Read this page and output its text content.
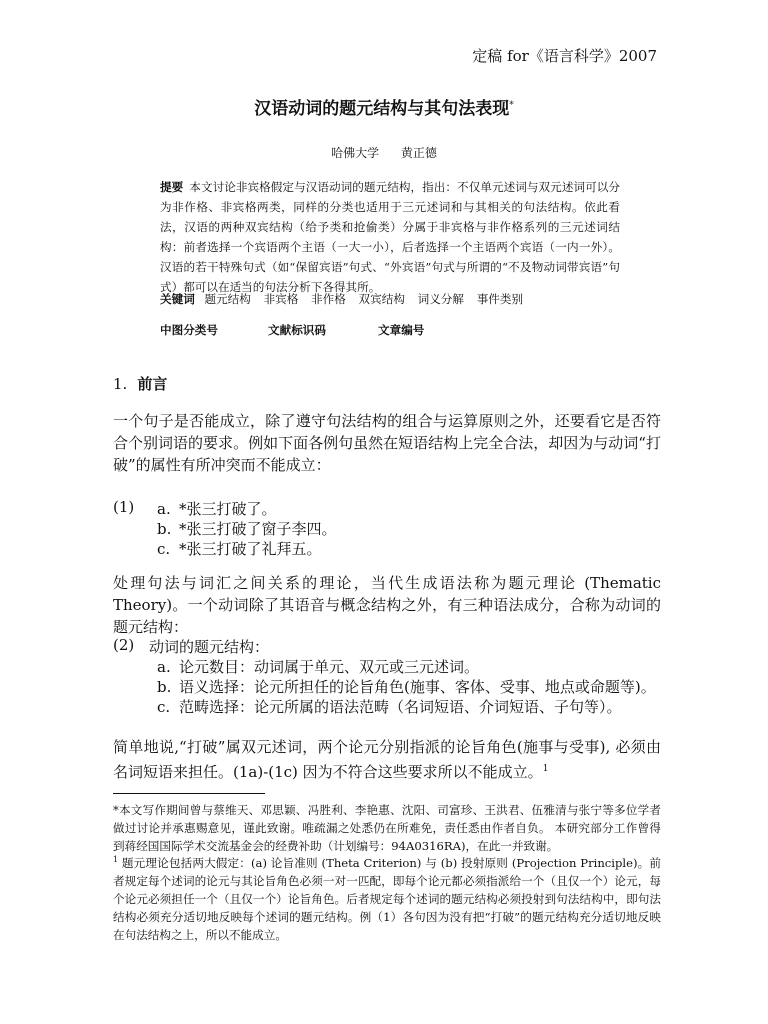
定稿 for《语言科学》2007
汉语动词的题元结构与其句法表现*
哈佛大学 黄正德
提要 本文讨论非宾格假定与汉语动词的题元结构，指出：不仅单元述词与双元述词可以分为非作格、非宾格两类，同样的分类也适用于三元述词和与其相关的句法结构。依此看法，汉语的两种双宾结构（给予类和抢偷类）分属于非宾格与非作格系列的三元述词结构：前者选择一个宾语两个主语（一大一小），后者选择一个主语两个宾语（一内一外）。汉语的若干特殊句式（如“保留宾语”句式、“外宾语”句式与所谓的“不及物动词带宾语”句式）都可以在适当的句法分析下各得其所。
关键词 题元结构 非宾格 非作格 双宾结构 词义分解 事件类别
中图分类号	文献标识码	文章编号
1. 前言
一个句子是否能成立，除了遵守句法结构的组合与运算原则之外，还要看它是否符合个别词语的要求。例如下面各例句虽然在短语结构上完全合法，却因为与动词“打破”的属性有所冲突而不能成立：
(1) a. *张三打破了。
b. *张三打破了窗子李四。
c. *张三打破了礼拜五。
处理句法与词汇之间关系的理论，当代生成语法称为题元理论 (Thematic Theory)。一个动词除了其语音与概念结构之外，有三种语法成分，合称为动词的题元结构：
(2) 动词的题元结构：
a. 论元数目：动词属于单元、双元或三元述词。
b. 语义选择：论元所担任的论旨角色(施事、客体、受事、地点或命题等)。
c. 范畴选择：论元所属的语法范畴（名词短语、介词短语、子句等）。
简单地说,“打破”属双元述词，两个论元分别指派的论旨角色(施事与受事), 必须由名词短语来担任。(1a)-(1c) 因为不符合这些要求所以不能成立。$^1$
*本文写作期间曾与蔡维天、邓思颖、冯胜利、李艳惠、沈阳、司富珍、王洪君、伍雅清与张宁等多位学者做过讨论并承惠赐意见，谨此致谢。唯疏漏之处悉仍在所难免，责任悉由作者自负。 本研究部分工作曾得到蒋经国国际学术交流基金会的经费补助（计划编号：94A0316RA)，在此一并致谢。
$^1$ 题元理论包括两大假定：(a) 论旨准则 (Theta Criterion) 与 (b) 投射原则 (Projection Principle)。前者规定每个述词的论元与其论旨角色必须一对一匹配，即每个论元都必须指派给一个（且仅一个）论元，每个论元必须担任一个（且仅一个）论旨角色。后者规定每个述词的题元结构必须投射到句法结构中，即句法结构必须充分适切地反映每个述词的题元结构。例（1）各句因为没有把“打破”的题元结构充分适切地反映在句法结构之上，所以不能成立。
